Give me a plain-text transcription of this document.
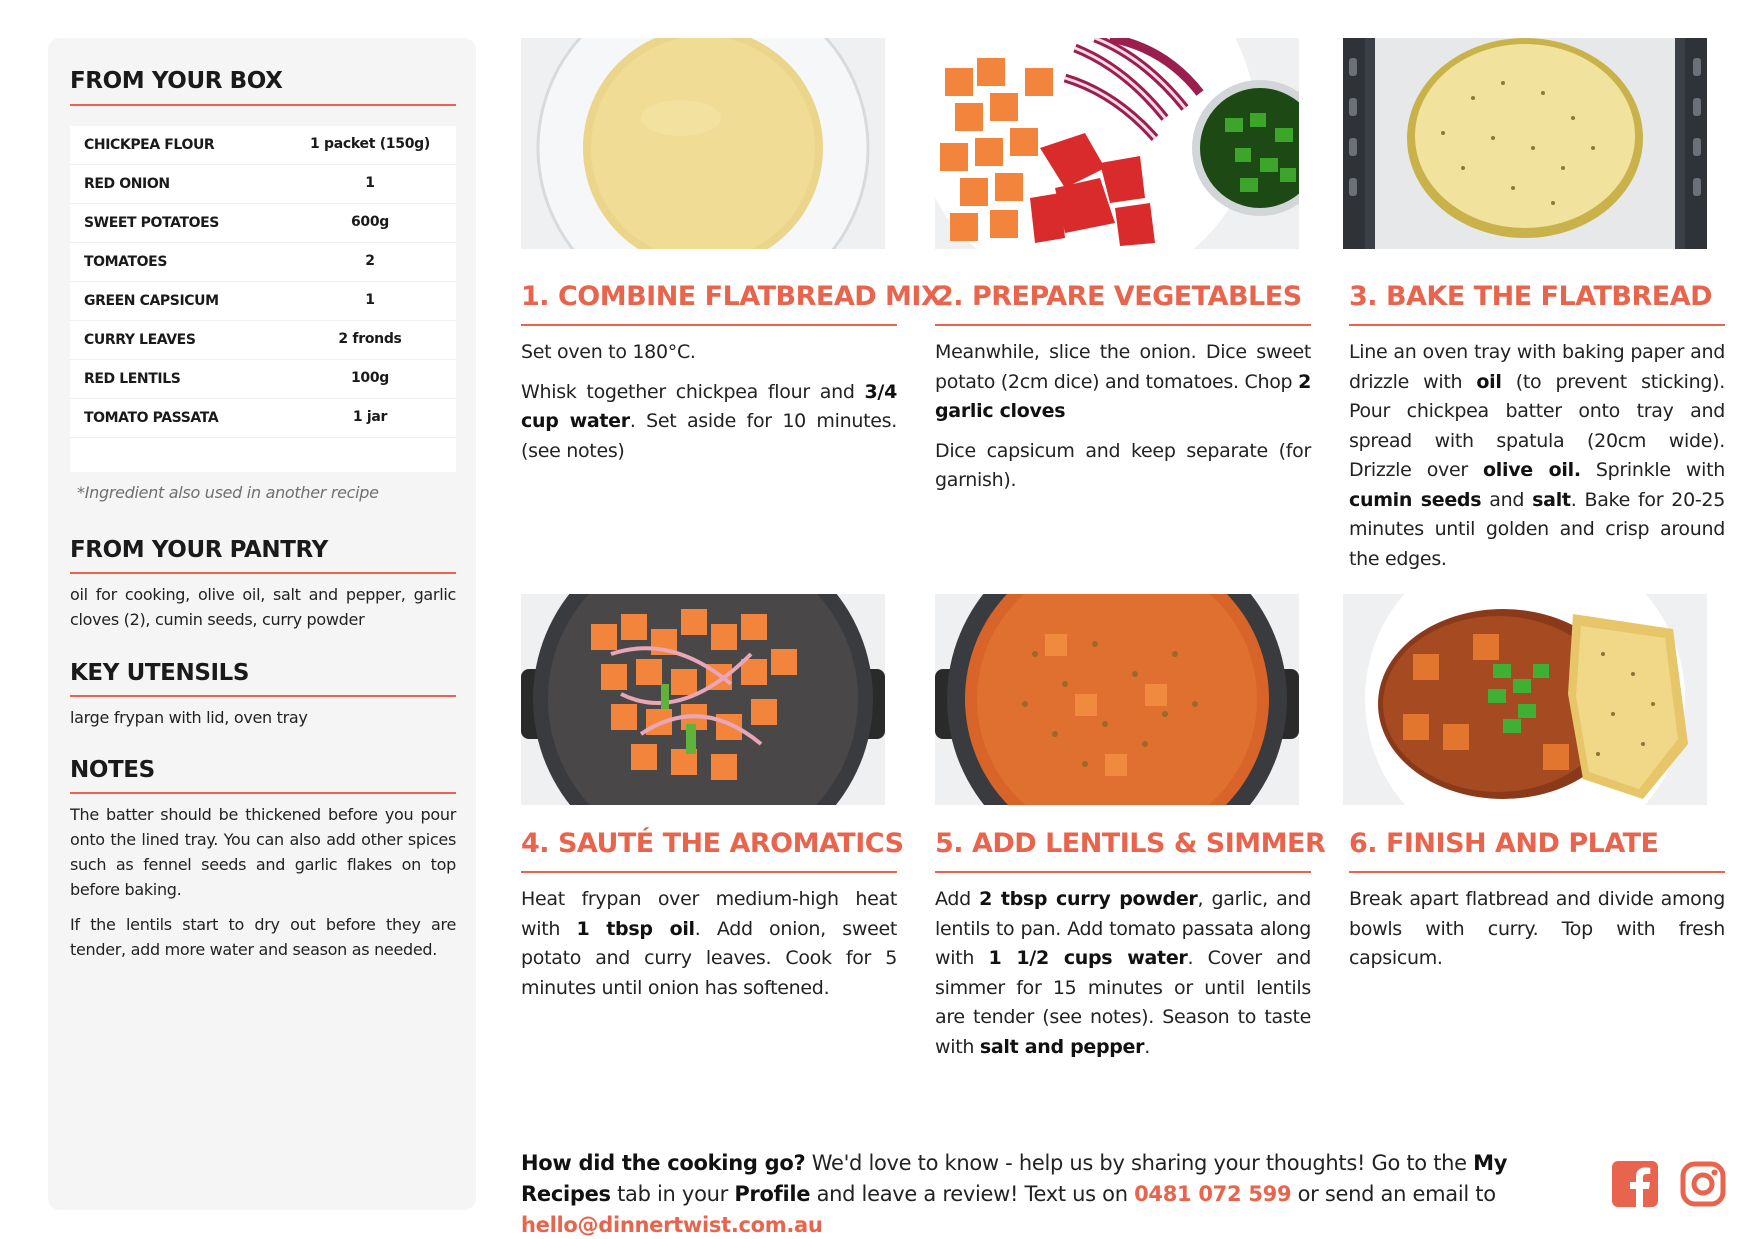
FROM YOUR BOX
CHICKPEA FLOUR	1 packet (150g)
RED ONION	1
SWEET POTATOES	600g
TOMATOES	2
GREEN CAPSICUM	1
CURRY LEAVES	2 fronds
RED LENTILS	100g
TOMATO PASSATA	1 jar
*Ingredient also used in another recipe
FROM YOUR PANTRY
oil for cooking, olive oil, salt and pepper, garlic cloves (2), cumin seeds, curry powder
KEY UTENSILS
large frypan with lid, oven tray
NOTES

The batter should be thickened before you pour onto the lined tray. You can also add other spices such as fennel seeds and garlic flakes on top before baking.

If the lentils start to dry out before they are tender, add more water and season as needed.

1. COMBINE FLATBREAD MIX

Set oven to 180°C.

Whisk together chickpea flour and 3/4 cup water. Set aside for 10 minutes. (see notes)

2. PREPARE VEGETABLES

Meanwhile, slice the onion. Dice sweet potato (2cm dice) and tomatoes. Chop 2 garlic cloves

Dice capsicum and keep separate (for garnish).

3. BAKE THE FLATBREAD

Line an oven tray with baking paper and drizzle with oil (to prevent sticking). Pour chickpea batter onto tray and spread with spatula (20cm wide). Drizzle over olive oil. Sprinkle with cumin seeds and salt. Bake for 20-25 minutes until golden and crisp around the edges.

4. SAUTÉ THE AROMATICS

Heat frypan over medium-high heat with 1 tbsp oil. Add onion, sweet potato and curry leaves. Cook for 5 minutes until onion has softened.

5. ADD LENTILS & SIMMER

Add 2 tbsp curry powder, garlic, and lentils to pan. Add tomato passata along with 1 1/2 cups water. Cover and simmer for 15 minutes or until lentils are tender (see notes). Season to taste with salt and pepper.

6. FINISH AND PLATE

Break apart flatbread and divide among bowls with curry. Top with fresh capsicum.

How did the cooking go? We'd love to know - help us by sharing your thoughts! Go to the My Recipes tab in your Profile and leave a review! Text us on 0481 072 599 or send an email to hello@dinnertwist.com.au
